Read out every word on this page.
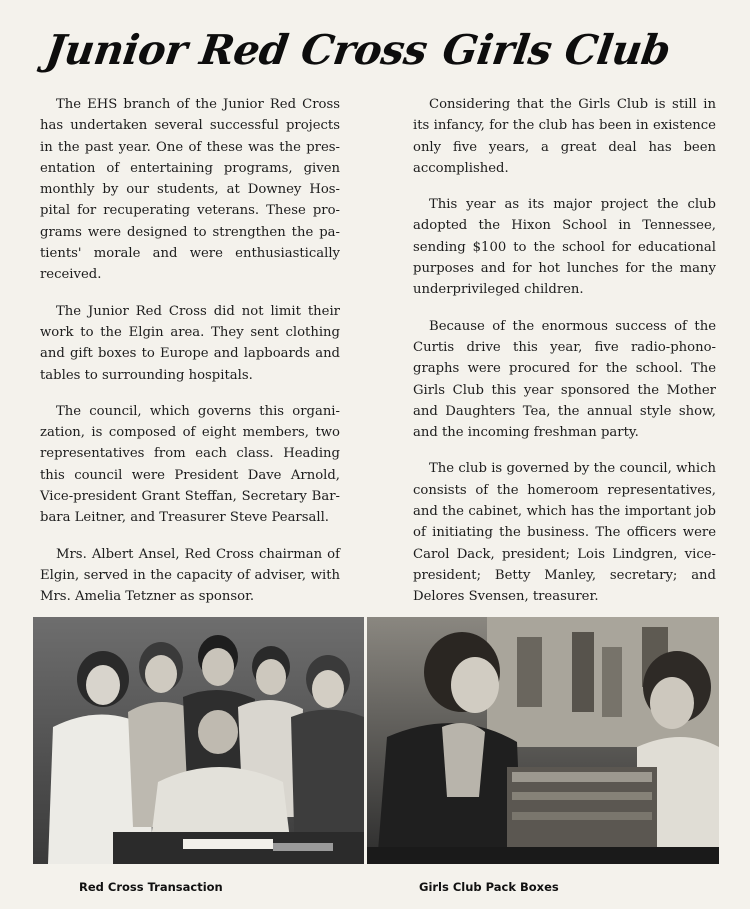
Junior Red Cross

The EHS branch of the Junior Red Cross has undertaken several successful projects in the past year. One of these was the presentation of entertaining programs, given monthly by our students, at Downey Hospital for recuperating veterans. These programs were designed to strengthen the patients' morale and were enthusiastically received.

The Junior Red Cross did not limit their work to the Elgin area. They sent clothing and gift boxes to Europe and lapboards and tables to surrounding hospitals.

The council, which governs this organization, is composed of eight members, two representatives from each class. Heading this council were President Dave Arnold, Vice-president Grant Steffan, Secretary Barbara Leitner, and Treasurer Steve Pearsall.

Mrs. Albert Ansel, Red Cross chairman of Elgin, served in the capacity of adviser, with Mrs. Amelia Tetzner as sponsor.

Girls Club

Considering that the Girls Club is still in its infancy, for the club has been in existence only five years, a great deal has been accomplished.

This year as its major project the club adopted the Hixon School in Tennessee, sending $100 to the school for educational purposes and for hot lunches for the many underprivileged children.

Because of the enormous success of the Curtis drive this year, five radio-phonographs were procured for the school. The Girls Club this year sponsored the Mother and Daughters Tea, the annual style show, and the incoming freshman party.

The club is governed by the council, which consists of the homeroom representatives, and the cabinet, which has the important job of initiating the business. The officers were Carol Dack, president; Lois Lindgren, vice-president; Betty Manley, secretary; and Delores Svensen, treasurer.

Red Cross Transaction	Girls Club Pack Boxes
